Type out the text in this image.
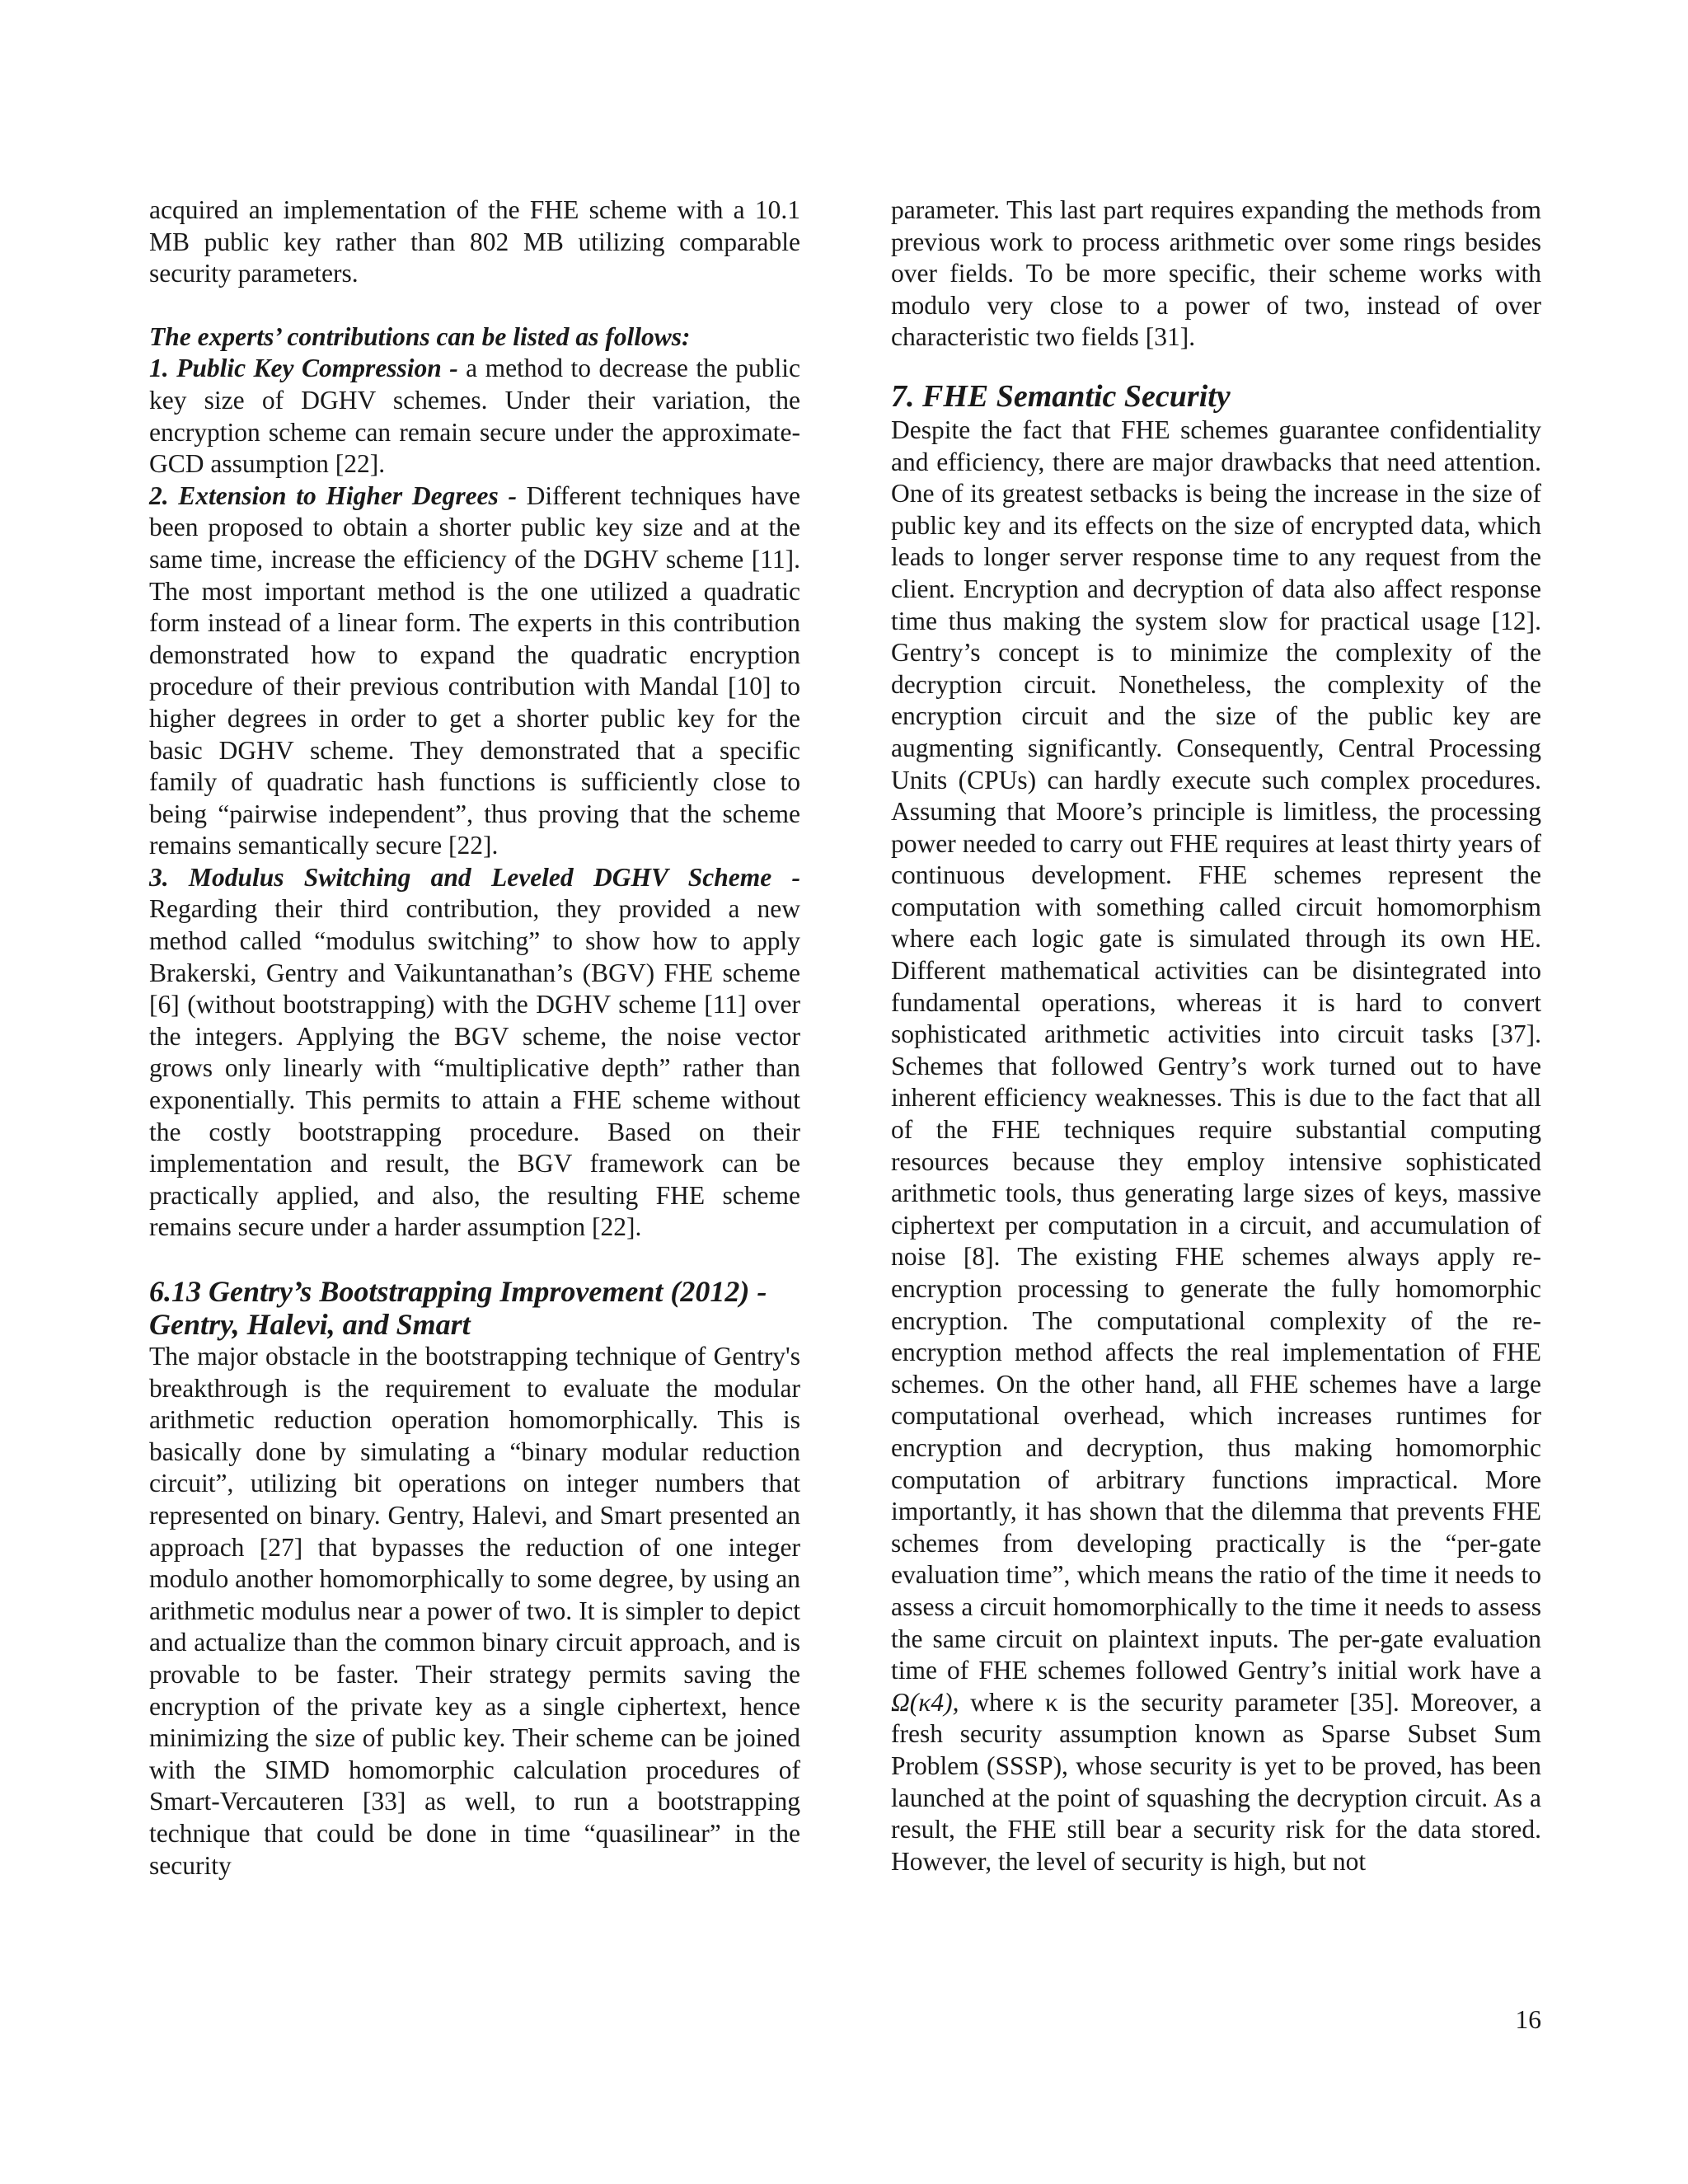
acquired an implementation of the FHE scheme with a 10.1 MB public key rather than 802 MB utilizing comparable security parameters.

The experts’ contributions can be listed as follows:

1. Public Key Compression - a method to decrease the public key size of DGHV schemes. Under their variation, the encryption scheme can remain secure under the approximate-GCD assumption [22].

2. Extension to Higher Degrees - Different techniques have been proposed to obtain a shorter public key size and at the same time, increase the efficiency of the DGHV scheme [11]. The most important method is the one utilized a quadratic form instead of a linear form. The experts in this contribution demonstrated how to expand the quadratic encryption procedure of their previous contribution with Mandal [10] to higher degrees in order to get a shorter public key for the basic DGHV scheme. They demonstrated that a specific family of quadratic hash functions is sufficiently close to being “pairwise independent”, thus proving that the scheme remains semantically secure [22].

3. Modulus Switching and Leveled DGHV Scheme - Regarding their third contribution, they provided a new method called “modulus switching” to show how to apply Brakerski, Gentry and Vaikuntanathan’s (BGV) FHE scheme [6] (without bootstrapping) with the DGHV scheme [11] over the integers. Applying the BGV scheme, the noise vector grows only linearly with “multiplicative depth” rather than exponentially. This permits to attain a FHE scheme without the costly bootstrapping procedure. Based on their implementation and result, the BGV framework can be practically applied, and also, the resulting FHE scheme remains secure under a harder assumption [22].

6.13 Gentry’s Bootstrapping Improvement (2012) - Gentry, Halevi, and Smart

The major obstacle in the bootstrapping technique of Gentry's breakthrough is the requirement to evaluate the modular arithmetic reduction operation homomorphically. This is basically done by simulating a “binary modular reduction circuit”, utilizing bit operations on integer numbers that represented on binary. Gentry, Halevi, and Smart presented an approach [27] that bypasses the reduction of one integer modulo another homomorphically to some degree, by using an arithmetic modulus near a power of two. It is simpler to depict and actualize than the common binary circuit approach, and is provable to be faster. Their strategy permits saving the encryption of the private key as a single ciphertext, hence minimizing the size of public key. Their scheme can be joined with the SIMD homomorphic calculation procedures of Smart-Vercauteren [33] as well, to run a bootstrapping technique that could be done in time “quasilinear” in the security

parameter. This last part requires expanding the methods from previous work to process arithmetic over some rings besides over fields. To be more specific, their scheme works with modulo very close to a power of two, instead of over characteristic two fields [31].

7. FHE Semantic Security

Despite the fact that FHE schemes guarantee confidentiality and efficiency, there are major drawbacks that need attention. One of its greatest setbacks is being the increase in the size of public key and its effects on the size of encrypted data, which leads to longer server response time to any request from the client. Encryption and decryption of data also affect response time thus making the system slow for practical usage [12]. Gentry’s concept is to minimize the complexity of the decryption circuit. Nonetheless, the complexity of the encryption circuit and the size of the public key are augmenting significantly. Consequently, Central Processing Units (CPUs) can hardly execute such complex procedures. Assuming that Moore’s principle is limitless, the processing power needed to carry out FHE requires at least thirty years of continuous development. FHE schemes represent the computation with something called circuit homomorphism where each logic gate is simulated through its own HE. Different mathematical activities can be disintegrated into fundamental operations, whereas it is hard to convert sophisticated arithmetic activities into circuit tasks [37]. Schemes that followed Gentry’s work turned out to have inherent efficiency weaknesses. This is due to the fact that all of the FHE techniques require substantial computing resources because they employ intensive sophisticated arithmetic tools, thus generating large sizes of keys, massive ciphertext per computation in a circuit, and accumulation of noise [8]. The existing FHE schemes always apply re-encryption processing to generate the fully homomorphic encryption. The computational complexity of the re-encryption method affects the real implementation of FHE schemes. On the other hand, all FHE schemes have a large computational overhead, which increases runtimes for encryption and decryption, thus making homomorphic computation of arbitrary functions impractical. More importantly, it has shown that the dilemma that prevents FHE schemes from developing practically is the “per-gate evaluation time”, which means the ratio of the time it needs to assess a circuit homomorphically to the time it needs to assess the same circuit on plaintext inputs. The per-gate evaluation time of FHE schemes followed Gentry’s initial work have a Ω(κ4), where κ is the security parameter [35]. Moreover, a fresh security assumption known as Sparse Subset Sum Problem (SSSP), whose security is yet to be proved, has been launched at the point of squashing the decryption circuit. As a result, the FHE still bear a security risk for the data stored. However, the level of security is high, but not

16
